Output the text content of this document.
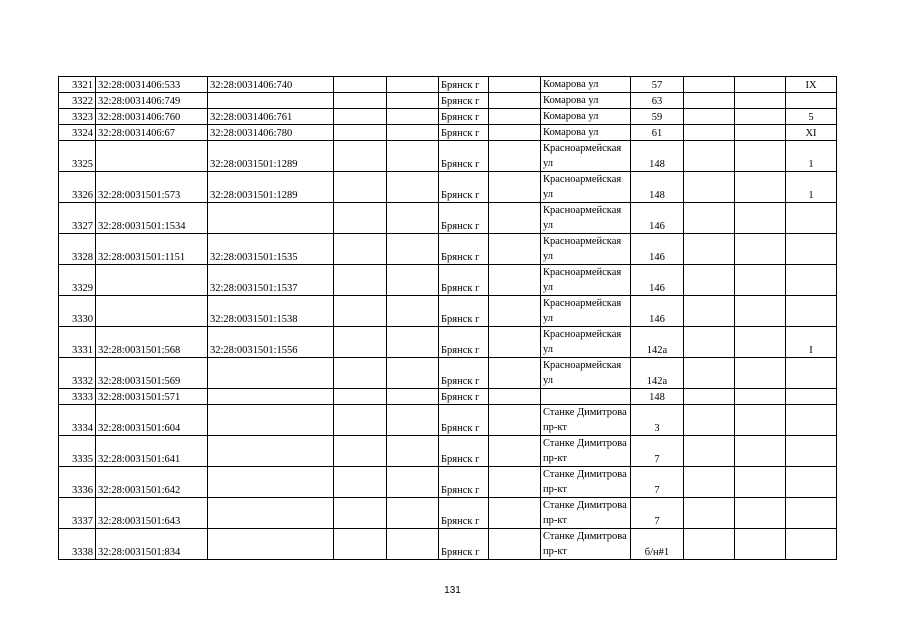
3321	32:28:0031406:533	32:28:0031406:740			Брянск г		Комарова ул	57			IX
3322	32:28:0031406:749				Брянск г		Комарова ул	63			
3323	32:28:0031406:760	32:28:0031406:761			Брянск г		Комарова ул	59			5
3324	32:28:0031406:67	32:28:0031406:780			Брянск г		Комарова ул	61			XI
3325		32:28:0031501:1289			Брянск г		Красноармейская ул	148			1
3326	32:28:0031501:573	32:28:0031501:1289			Брянск г		Красноармейская ул	148			1
3327	32:28:0031501:1534				Брянск г		Красноармейская ул	146			
3328	32:28:0031501:1151	32:28:0031501:1535			Брянск г		Красноармейская ул	146			
3329		32:28:0031501:1537			Брянск г		Красноармейская ул	146			
3330		32:28:0031501:1538			Брянск г		Красноармейская ул	146			
3331	32:28:0031501:568	32:28:0031501:1556			Брянск г		Красноармейская ул	142а			I
3332	32:28:0031501:569				Брянск г		Красноармейская ул	142а			
3333	32:28:0031501:571				Брянск г			148			
3334	32:28:0031501:604				Брянск г		Станке Димитрова пр-кт	3			
3335	32:28:0031501:641				Брянск г		Станке Димитрова пр-кт	7			
3336	32:28:0031501:642				Брянск г		Станке Димитрова пр-кт	7			
3337	32:28:0031501:643				Брянск г		Станке Димитрова пр-кт	7			
3338	32:28:0031501:834				Брянск г		Станке Димитрова пр-кт	б/н#1			
131
